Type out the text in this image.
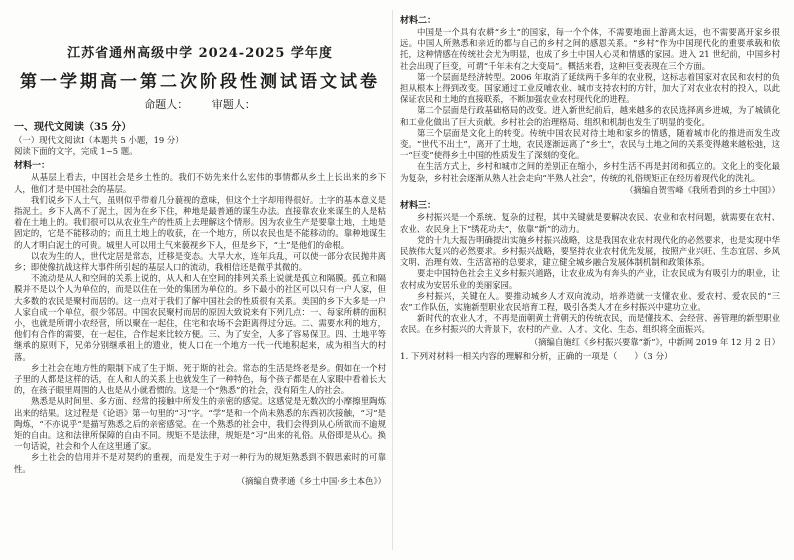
江苏省通州高级中学 2024-2025 学年度
第一学期高一第二次阶段性测试语文试卷
命题人： 审题人：
一、现代文阅读（35 分）
（一）现代文阅读Ⅰ（本题共 5 小题，19 分）
阅读下面的文字，完成 1~5 题。
材料一：

从基层上看去，中国社会是乡土性的。我们不妨先来什么宏伟的事情都从乡土上长出来的乡下人，他们才是中国社会的基层。

我们说乡下人土气，虽则似乎带着几分藐视的意味，但这个土字却用得很好。土字的基本意义是指泥土。乡下人离不了泥土，因为在乡下住，种地是最普通的谋生办法。直接靠农业来谋生的人是粘着在土地上的。我们很可以从农业生产的性质上去理解这个情形。因为农业生产是要靠土地，土地是固定的，它是不能移动的；而且土地上的收获，在一个地方，所以农民也是不能移动的。靠种地谋生的人才明白泥土的可贵。城里人可以用土气来藐视乡下人，但是乡下，“土”是他们的命根。

以农为生的人，世代定居是常态，迁移是变态。大旱大水，连年兵乱，可以使一部分农民抛井离乡；即使像抗战这样大事件所引起的基层人口的流动，我相信还是微乎其微的。

不流动是从人和空间的关系上说的，从人和人在空间的排列关系上说就是孤立和隔膜。孤立和隔膜并不是以个人为单位的，而是以住在一处的集团为单位的。乡下最小的社区可以只有一户人家，但大多数的农民是聚村而居的。这一点对于我们了解中国社会的性质很有关系。美国的乡下大多是一户人家自成一个单位，很少邻居。中国农民聚村而居的原因大致说来有下列几点：一、每家所耕的面积小，也就是所谓小农经营，所以聚在一起住，住宅和农场不会距离得过分远。二、需要水利的地方，他们有合作的需要，在一起住，合作起来比较方便。三、为了安全，人多了容易保卫。四、土地平等继承的原则下，兄弟分别继承祖上的遗业，使人口在一个地方一代一代地积起来，成为相当大的村落。

乡土社会在地方性的限制下成了生于斯、死于斯的社会。常态的生活是终老是乡。假如在一个村子里的人都是这样的话，在人和人的关系上也就发生了一种特色，每个孩子都是在人家眼中看着长大的，在孩子眼里周围的人也是从小就看惯的。这是一个“熟悉”的社会，没有陌生人的社会。

熟悉是从时间里、多方面、经常的接触中所发生的亲密的感觉。这感觉是无数次的小摩擦里陶炼出来的结果。这过程是《论语》第一句里的“习”字。“学”是和一个尚未熟悉的东西初次接触，“习”是陶炼，“不亦说乎”是描写熟悉之后的亲密感觉。在一个熟悉的社会中，我们会得到从心所欲而不逾规矩的自由。这和法律所保障的自由不同。规矩不是法律，规矩是“习”出来的礼俗。从俗即是从心。换一句话说，社会和个人在这里通了家。

乡土社会的信用并不是对契约的重视，而是发生于对一种行为的规矩熟悉到不假思索时的可靠性。

（摘编自费孝通《乡土中国·乡土本色》）
材料二：

中国是一个具有农耕“乡土”的国家，每一个个体，不需要地面上游离太远，也不需要离开家乡很远。中国人所熟悉和亲近的都与自己的乡村之间的感恩关系。“乡村”作为中国现代化的重要承载和依托，这种情感在传统社会尤为明显，也成了乡土中国人心灵和情感的家园。进入 21 世纪前，中国乡村社会出现了巨变，可谓“千年未有之大变局”。概括来看，这种巨变表现在三个方面。

第一个层面是经济转型。2006 年取消了延续两千多年的农业税，这标志着国家对农民和农村的负担从根本上得到改变。国家通过工业反哺农业、城市支持农村的方针，加大了对农业农村的投入，以此保证农民和土地的直接联系，不断加强农业农村现代化的进程。

第二个层面是行政基础格局的改变。进入新世纪前后，越来越多的农民选择离乡进城，为了城镇化和工业化做出了巨大贡献。乡村社会的治理格局、组织和机制也发生了明显的变化。

第三个层面是文化上的转变。传统中国农民对待土地和家乡的情感，随着城市化的推进而发生改变。“世代不出土”，离开了土地，农民逐渐远离了“乡土”，农民与土地之间的关系变得越来越松弛，这一“巨变”使得乡土中国的性质发生了深刻的变化。

在生活方式上，乡村和城市之间的差别正在缩小，乡村生活不再是封闭和孤立的。文化上的变化最为复杂，乡村社会逐渐从熟人社会走向“半熟人社会”，传统的礼俗规矩正在经历着现代化的洗礼。

（摘编自贺雪峰《我所看到的乡土中国》）
材料三：

乡村振兴是一个系统、复杂的过程，其中关键就是要解决农民、农业和农村问题，就需要在农村、农业、农民身上下“绣花功夫”，依靠“新”的动力。

党的十九大报告明确提出实施乡村振兴战略，这是我国农业农村现代化的必然要求，也是实现中华民族伟大复兴的必然要求。乡村振兴战略，要坚持农业农村优先发展，按照产业兴旺、生态宜居、乡风文明、治理有效、生活富裕的总要求，建立健全城乡融合发展体制机制和政策体系。

要走中国特色社会主义乡村振兴道路，让农业成为有奔头的产业，让农民成为有吸引力的职业，让农村成为安居乐业的美丽家园。

乡村振兴，关键在人。要推动城乡人才双向流动，培养造就一支懂农业、爱农村、爱农民的“三农”工作队伍，实施新型职业农民培育工程，吸引各类人才在乡村振兴中建功立业。

新时代的农业人才，不再是面朝黄土背朝天的传统农民，而是懂技术、会经营、善管理的新型职业农民。在乡村振兴的大背景下，农村的产业、人才、文化、生态、组织将全面振兴。

（摘编自施红《乡村振兴要靠“新”》，中新网 2019 年 12 月 2 日）
1. 下列对材料一相关内容的理解和分析，正确的一项是（　　）（3 分）
